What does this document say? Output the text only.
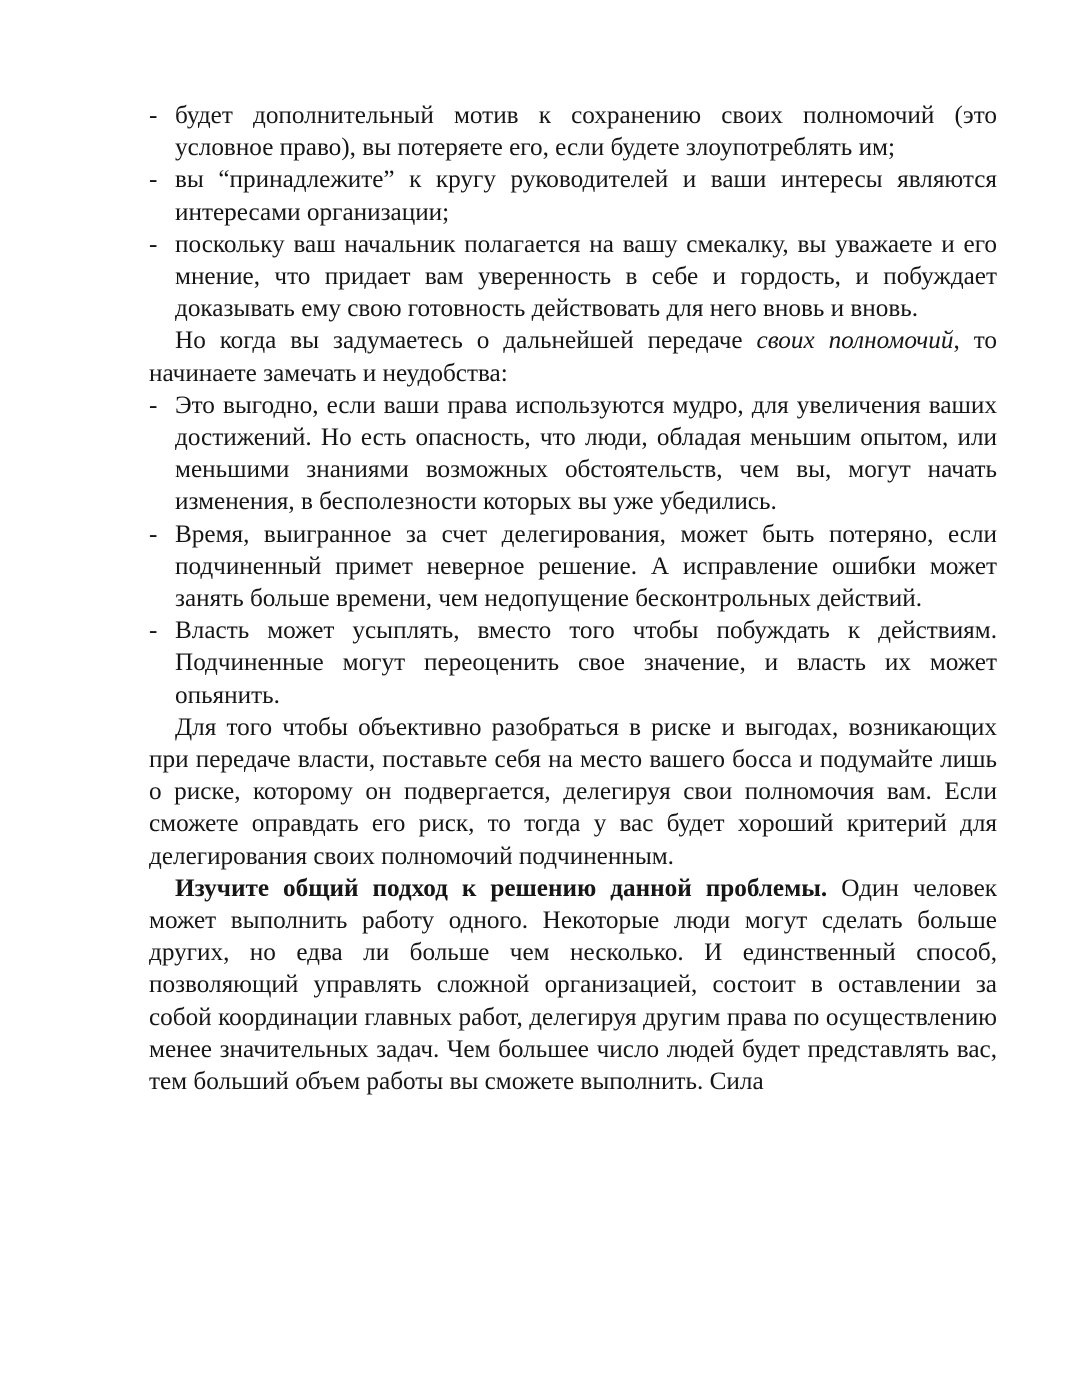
- будет дополнительный мотив к сохранению своих полномочий (это условное право), вы потеряете его, если будете злоупотреблять им;

- вы “принадлежите” к кругу руководителей и ваши интересы являются интересами организации;

- поскольку ваш начальник полагается на вашу смекалку, вы уважаете и его мнение, что придает вам уверенность в себе и гордость, и побуждает доказывать ему свою готовность действовать для него вновь и вновь.

Но когда вы задумаетесь о дальнейшей передаче своих полномочий, то начинаете замечать и неудобства:

- Это выгодно, если ваши права используются мудро, для увеличения ваших достижений. Но есть опасность, что люди, обладая меньшим опытом, или меньшими знаниями возможных обстоятельств, чем вы, могут начать изменения, в бесполезности которых вы уже убедились.

- Время, выигранное за счет делегирования, может быть потеряно, если подчиненный примет неверное решение. А исправление ошибки может занять больше времени, чем недопущение бесконтрольных действий.

- Власть может усыплять, вместо того чтобы побуждать к действиям. Подчиненные могут переоценить свое значение, и власть их может опьянить.

Для того чтобы объективно разобраться в риске и выгодах, возникающих при передаче власти, поставьте себя на место вашего босса и подумайте лишь о риске, которому он подвергается, делегируя свои полномочия вам. Если сможете оправдать его риск, то тогда у вас будет хороший критерий для делегирования своих полномочий подчиненным.

Изучите общий подход к решению данной проблемы. Один человек может выполнить работу одного. Некоторые люди могут сделать больше других, но едва ли больше чем несколько. И единственный способ, позволяющий управлять сложной организацией, состоит в оставлении за собой координации главных работ, делегируя другим права по осуществлению менее значительных задач. Чем большее число людей будет представлять вас, тем больший объем работы вы сможете выполнить. Сила
